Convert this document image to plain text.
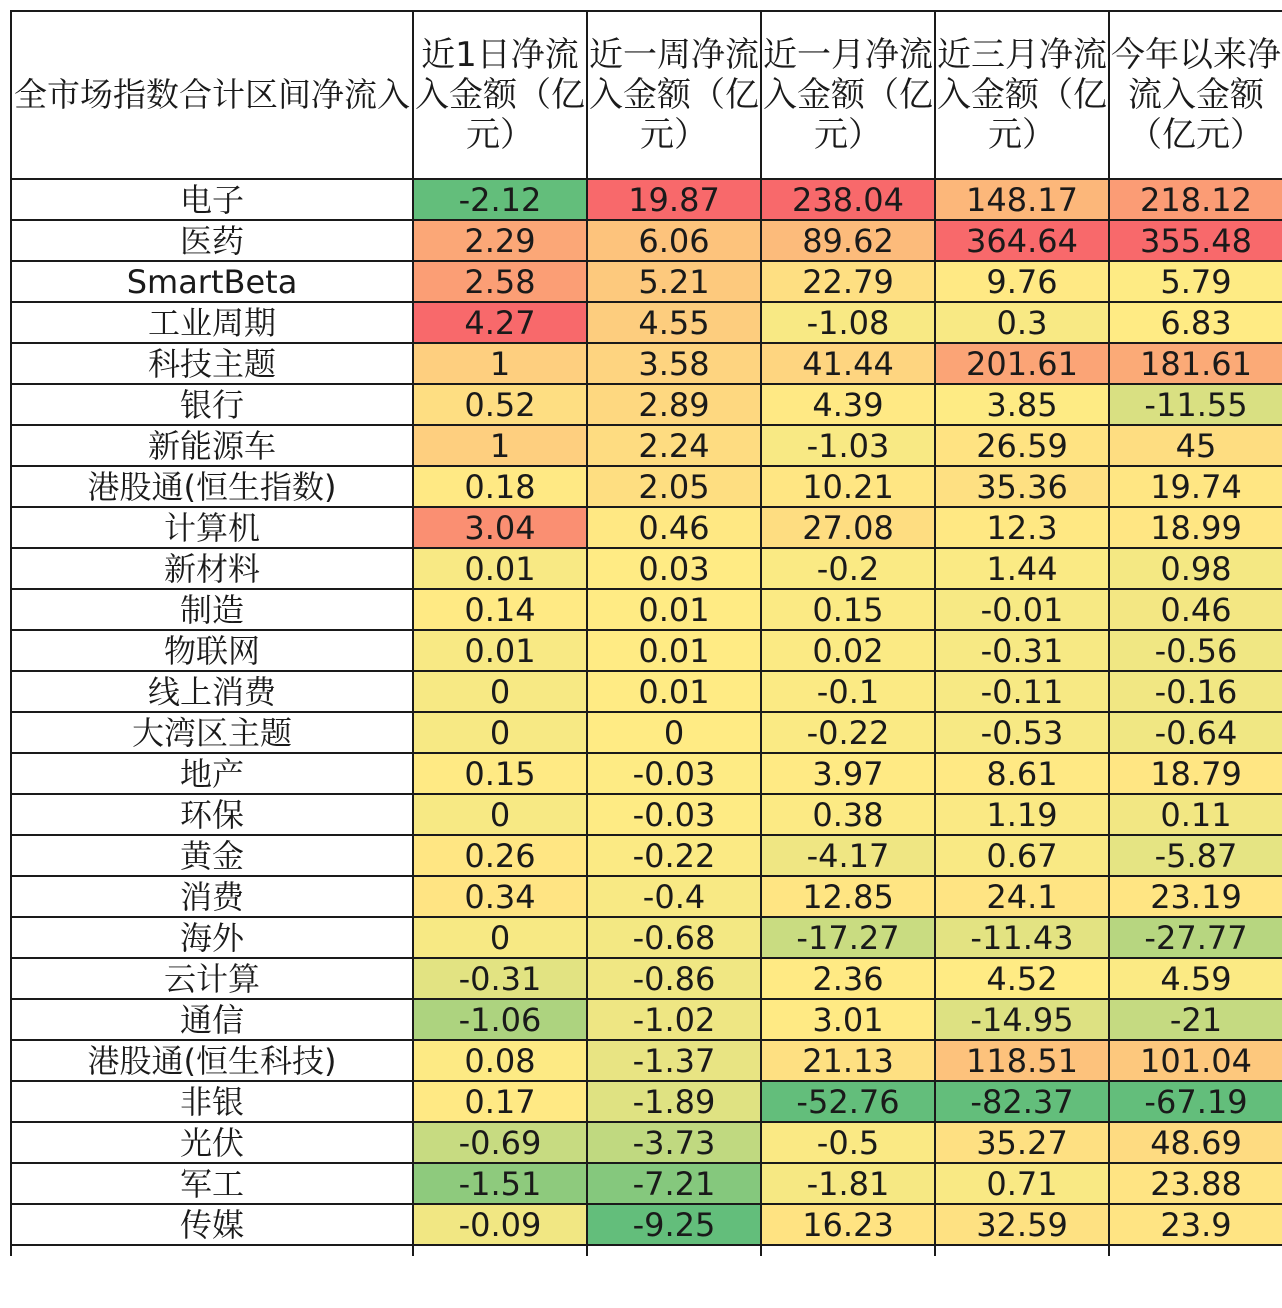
全市场指数合计区间净流入	近1日净流入金额（亿元）	近一周净流入金额（亿元）	近一月净流入金额（亿元）	近三月净流入金额（亿元）	今年以来净流入金额（亿元）
电子	-2.12	19.87	238.04	148.17	218.12
医药	2.29	6.06	89.62	364.64	355.48
SmartBeta	2.58	5.21	22.79	9.76	5.79
工业周期	4.27	4.55	-1.08	0.3	6.83
科技主题	1	3.58	41.44	201.61	181.61
银行	0.52	2.89	4.39	3.85	-11.55
新能源车	1	2.24	-1.03	26.59	45
港股通(恒生指数)	0.18	2.05	10.21	35.36	19.74
计算机	3.04	0.46	27.08	12.3	18.99
新材料	0.01	0.03	-0.2	1.44	0.98
制造	0.14	0.01	0.15	-0.01	0.46
物联网	0.01	0.01	0.02	-0.31	-0.56
线上消费	0	0.01	-0.1	-0.11	-0.16
大湾区主题	0	0	-0.22	-0.53	-0.64
地产	0.15	-0.03	3.97	8.61	18.79
环保	0	-0.03	0.38	1.19	0.11
黄金	0.26	-0.22	-4.17	0.67	-5.87
消费	0.34	-0.4	12.85	24.1	23.19
海外	0	-0.68	-17.27	-11.43	-27.77
云计算	-0.31	-0.86	2.36	4.52	4.59
通信	-1.06	-1.02	3.01	-14.95	-21
港股通(恒生科技)	0.08	-1.37	21.13	118.51	101.04
非银	0.17	-1.89	-52.76	-82.37	-67.19
光伏	-0.69	-3.73	-0.5	35.27	48.69
军工	-1.51	-7.21	-1.81	0.71	23.88
传媒	-0.09	-9.25	16.23	32.59	23.9
